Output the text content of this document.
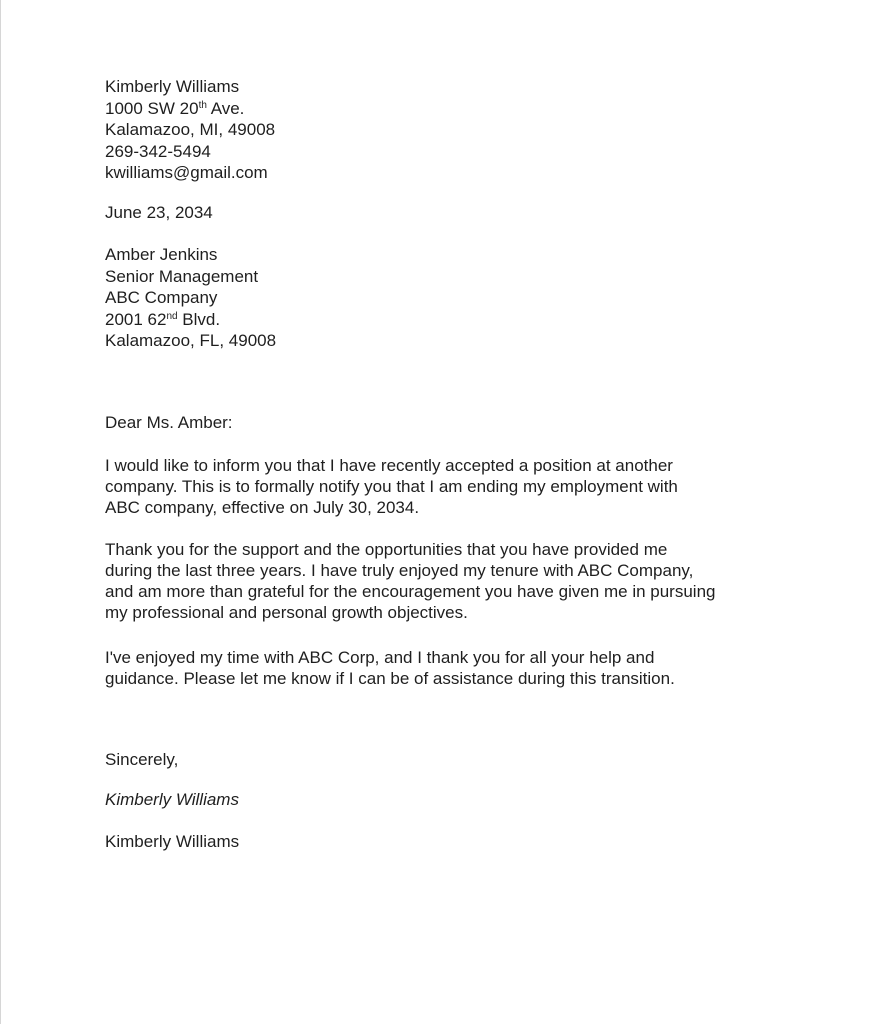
Kimberly Williams
1000 SW 20th Ave.
Kalamazoo, MI, 49008
269-342-5494
kwilliams@gmail.com
June 23, 2034
Amber Jenkins
Senior Management
ABC Company
2001 62nd Blvd.
Kalamazoo, FL, 49008
Dear Ms. Amber:
I would like to inform you that I have recently accepted a position at another
company. This is to formally notify you that I am ending my employment with
ABC company, effective on July 30, 2034.
Thank you for the support and the opportunities that you have provided me
during the last three years. I have truly enjoyed my tenure with ABC Company,
and am more than grateful for the encouragement you have given me in pursuing
my professional and personal growth objectives.
I've enjoyed my time with ABC Corp, and I thank you for all your help and
guidance. Please let me know if I can be of assistance during this transition.
Sincerely,
Kimberly Williams
Kimberly Williams
